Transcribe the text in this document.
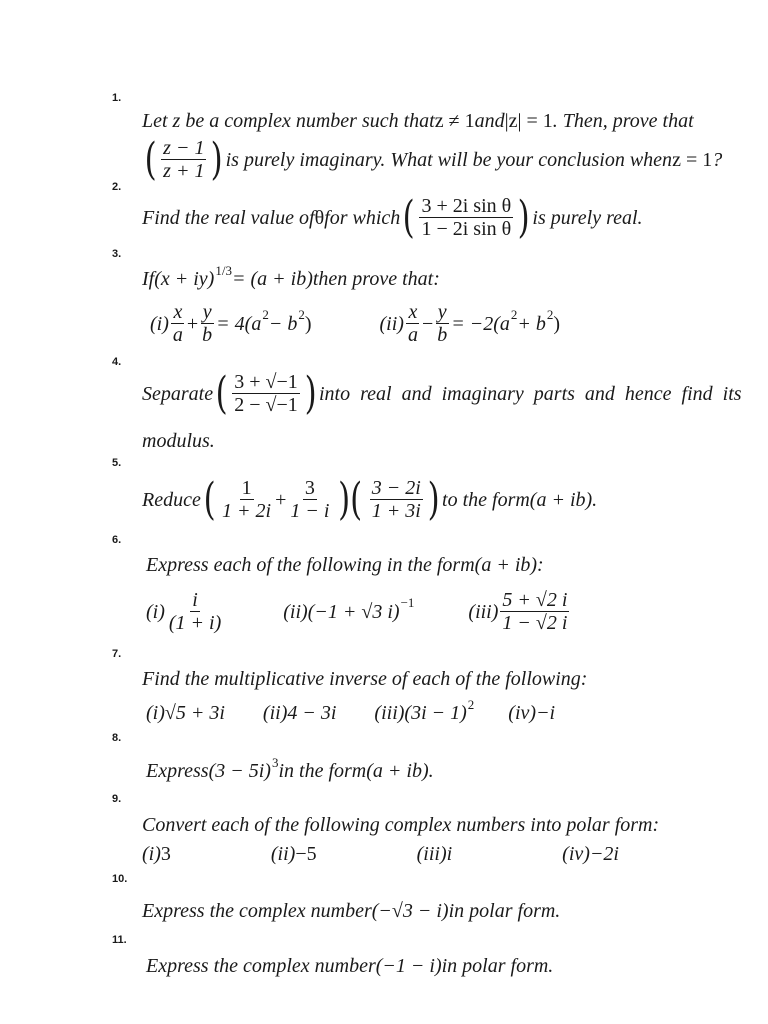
1.
Let z be a complex number such that z ≠ 1 and |z| = 1 . Then, prove that
( $\frac{z - 1}{z + 1}$ ) is purely imaginary. What will be your conclusion when z = 1 ?
2.
Find the real value of θ for which ( $\frac{\text{3 + 2i sin θ}}{\text{1 − 2i sin θ}}$ ) is purely real.
3.
If (x + iy) 1/3 = (a + ib) then prove that:
$(i) \frac{x}{a} + \frac{y}{b} = 4(a$ 2 − b 2 )	$(ii) \frac{x}{a} - \frac{y}{b} = -2(a$ 2 + b 2 )
4.
Separate ( $\frac{3 + √-1}{2 - √-1}$ ) into real and imaginary parts and hence find its
modulus.
5.
Reduce ( $\frac{1}{1 + 2i} + \frac{3}{1 - i}$ )( $\frac{3 - 2i}{1 + 3i}$ ) to the form (a + ib) .
6.
Express each of the following in the form (a + ib) :
$(i) \frac{i}{(1 + i)}$	(ii) (−1 + √3 i) −1	$(iii) \frac{5 + √2 i}{1 - √2 i}$
7.
Find the multiplicative inverse of each of the following:
(i) √5 + 3i (ii) 4 − 3i (iii) (3i − 1) 2 (iv) −i
8.
Express (3 − 5i) 3 in the form (a + ib) .
9.
Convert each of the following complex numbers into polar form:
(i) 3	(ii) −5	(iii) i	(iv) −2i
10.
Express the complex number (−√3 − i) in polar form.
11.
Express the complex number (−1 − i) in polar form.
